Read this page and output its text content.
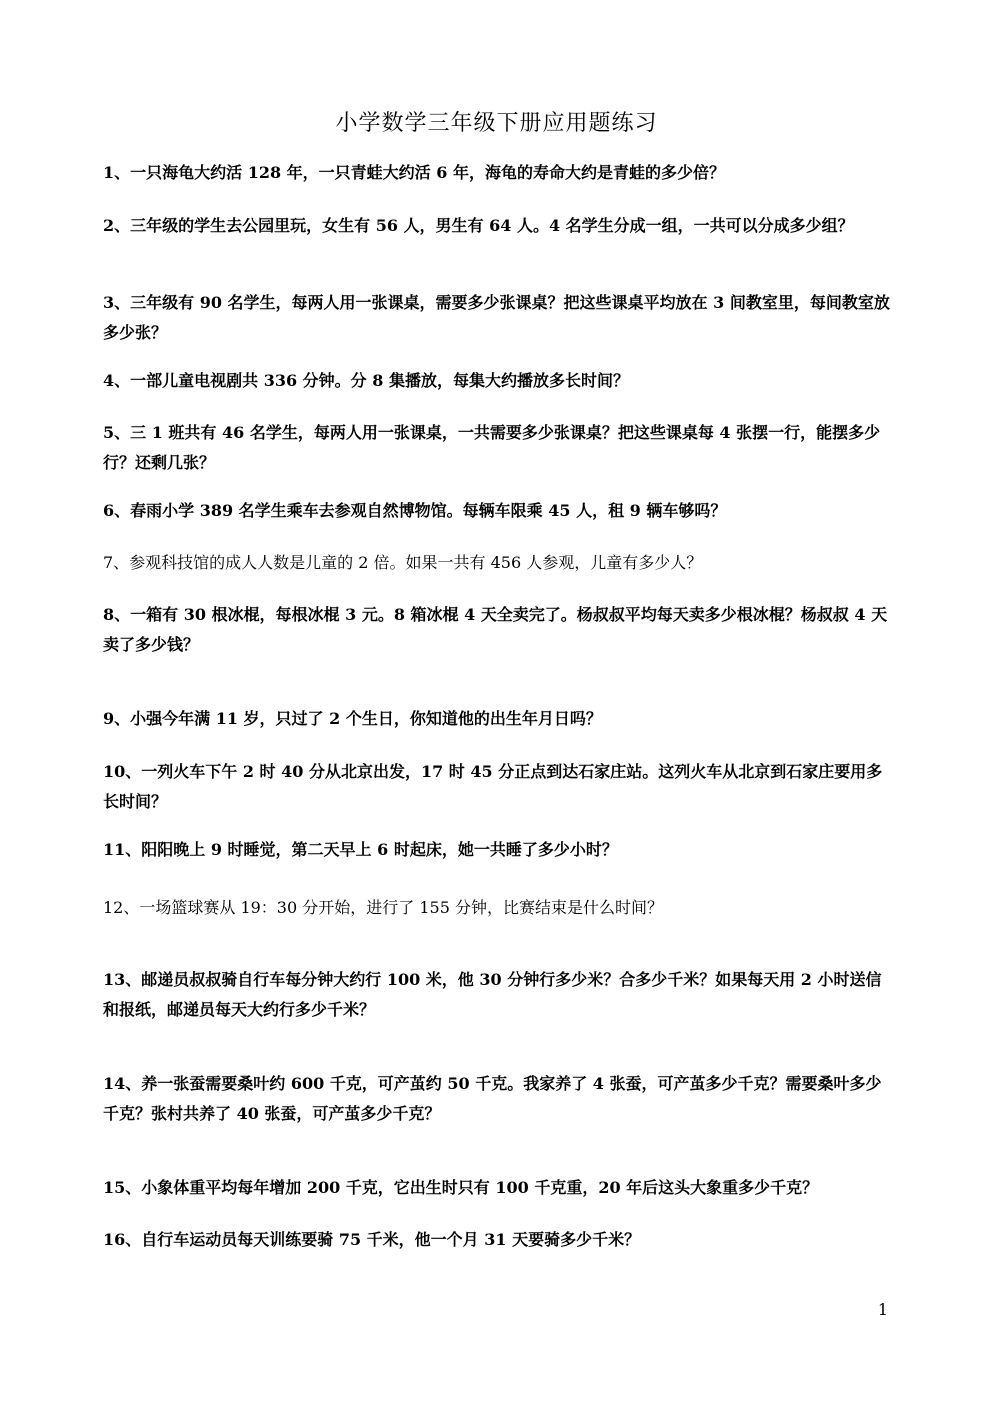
小学数学三年级下册应用题练习
1、一只海龟大约活 128 年，一只青蛙大约活 6 年，海龟的寿命大约是青蛙的多少倍？
2、三年级的学生去公园里玩，女生有 56 人，男生有 64 人。4 名学生分成一组，一共可以分成多少组？
3、三年级有 90 名学生，每两人用一张课桌，需要多少张课桌？把这些课桌平均放在 3 间教室里，每间教室放多少张？
4、一部儿童电视剧共 336 分钟。分 8 集播放，每集大约播放多长时间？
5、三 1 班共有 46 名学生，每两人用一张课桌，一共需要多少张课桌？把这些课桌每 4 张摆一行，能摆多少行？还剩几张？
6、春雨小学 389 名学生乘车去参观自然博物馆。每辆车限乘 45 人，租 9 辆车够吗？
7、参观科技馆的成人人数是儿童的 2 倍。如果一共有 456 人参观，儿童有多少人？
8、一箱有 30 根冰棍，每根冰棍 3 元。8 箱冰棍 4 天全卖完了。杨叔叔平均每天卖多少根冰棍？杨叔叔 4 天卖了多少钱？
9、小强今年满 11 岁，只过了 2 个生日，你知道他的出生年月日吗？
10、一列火车下午 2 时 40 分从北京出发，17 时 45 分正点到达石家庄站。这列火车从北京到石家庄要用多长时间？
11、阳阳晚上 9 时睡觉，第二天早上 6 时起床，她一共睡了多少小时？
12、一场篮球赛从 19：30 分开始，进行了 155 分钟，比赛结束是什么时间？
13、邮递员叔叔骑自行车每分钟大约行 100 米，他 30 分钟行多少米？合多少千米？如果每天用 2 小时送信和报纸，邮递员每天大约行多少千米？
14、养一张蚕需要桑叶约 600 千克，可产茧约 50 千克。我家养了 4 张蚕，可产茧多少千克？需要桑叶多少千克？张村共养了 40 张蚕，可产茧多少千克？
15、小象体重平均每年增加 200 千克，它出生时只有 100 千克重，20 年后这头大象重多少千克？
16、自行车运动员每天训练要骑 75 千米，他一个月 31 天要骑多少千米？
1
